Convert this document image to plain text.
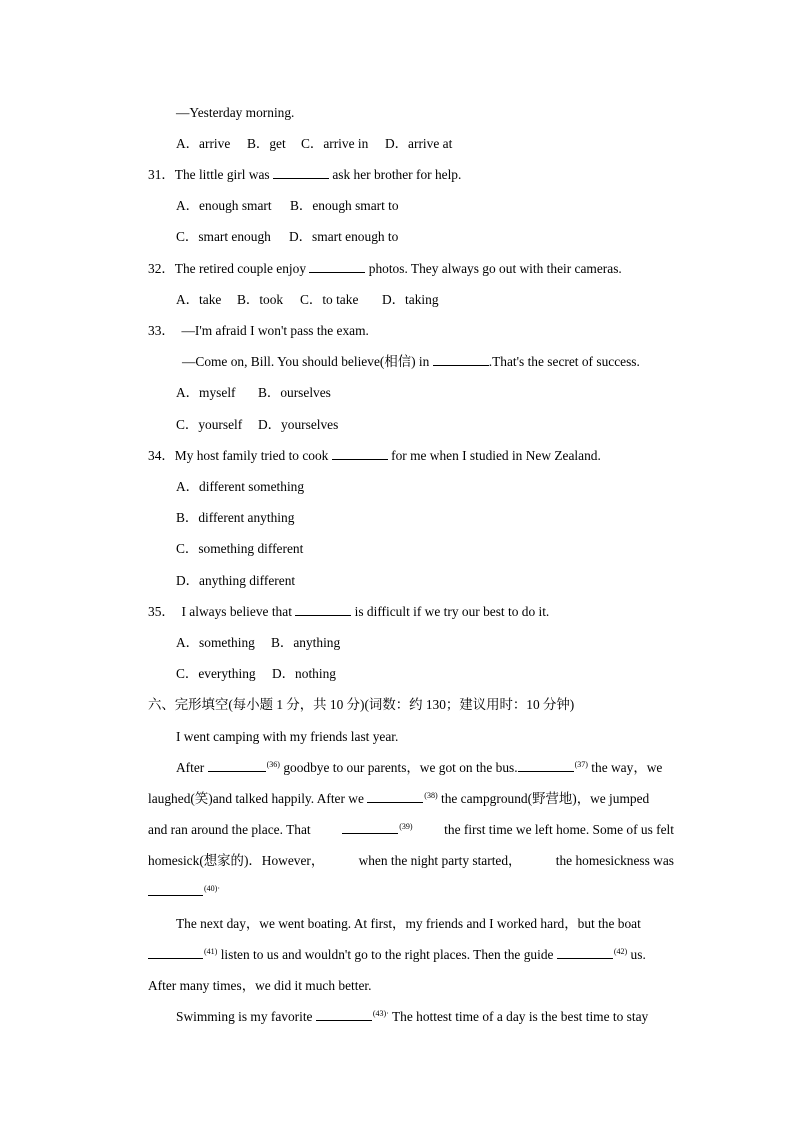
—Yesterday morning.
A．arrive B．get C．arrive in D．arrive at
31．The little girl was	ask her brother for help.
A．enough smart B．enough smart to
C．smart enough D．smart enough to
32．The retired couple enjoy	photos. They always go out with their cameras.
A．take B．took C．to take D．taking
33． —I'm afraid I won't pass the exam.
—Come on, Bill. You should believe(相信) in	.That's the secret of success.
A．myself B．ourselves
C．yourself D．yourselves
34．My host family tried to cook	for me when I studied in New Zealand.
A．different something
B．different anything
C．something different
D．anything different
35． I always believe that	is difficult if we try our best to do it.
A．something B．anything
C．everything D．nothing
六、完形填空(每小题 1 分，共 10 分)(词数：约 130；建议用时：10 分钟)
I went camping with my friends last year.
After	$^{(36)}$ goodbye to our parents，we got on the bus.	$^{(37)}$ the way，we
laughed(笑)and talked happily. After we	$^{(38)}$ the campground(野营地)，we jumped
and ran around the place. That	$^{(39)}$ the first time we left home. Some of us felt
homesick(想家的)．However，	when the night party started，	the homesickness was
$^{(40)\cdot}$
The next day，we went boating. At first，my friends and I worked hard，but the boat
$^{(41)}$ listen to us and wouldn't go to the right places. Then the guide	$^{(42)}$ us.
After many times，we did it much better.
Swimming is my favorite	$^{(43)\cdot}$ The hottest time of a day is the best time to stay
